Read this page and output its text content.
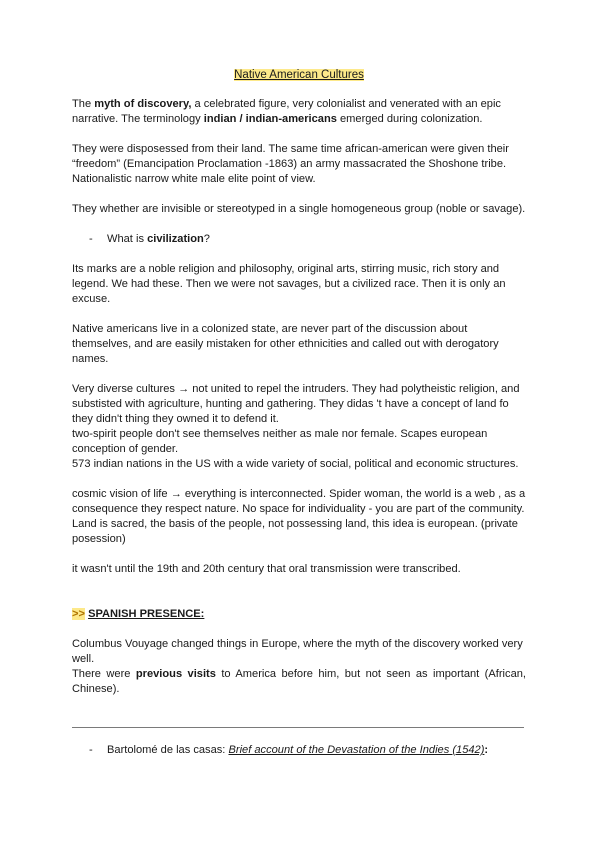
Native American Cultures

The myth of discovery, a celebrated figure, very colonialist and venerated with an epic narrative. The terminology indian / indian-americans emerged during colonization.

They were disposessed from their land. The same time african-american were given their “freedom” (Emancipation Proclamation -1863) an army massacrated the Shoshone tribe. Nationalistic narrow white male elite point of view.

They whether are invisible or stereotyped in a single homogeneous group (noble or savage).

- What is civilization?

Its marks are a noble religion and philosophy, original arts, stirring music, rich story and legend. We had these. Then we were not savages, but a civilized race. Then it is only an excuse.

Native americans live in a colonized state, are never part of the discussion about themselves, and are easily mistaken for other ethnicities and called out with derogatory names.

Very diverse cultures → not united to repel the intruders. They had polytheistic religion, and substisted with agriculture, hunting and gathering. They didas 't have a concept of land fo they didn't thing they owned it to defend it.

two-spirit people don't see themselves neither as male nor female. Scapes european conception of gender.

573 indian nations in the US with a wide variety of social, political and economic structures.

cosmic vision of life → everything is interconnected. Spider woman, the world is a web , as a consequence they respect nature. No space for individuality - you are part of the community. Land is sacred, the basis of the people, not possessing land, this idea is european. (private posession)

it wasn't until the 19th and 20th century that oral transmission were transcribed.

>> SPANISH PRESENCE:

Columbus Vouyage changed things in Europe, where the myth of the discovery worked very well.

There were previous visits to America before him, but not seen as important (African, Chinese).

- Bartolomé de las casas: Brief account of the Devastation of the Indies (1542):
